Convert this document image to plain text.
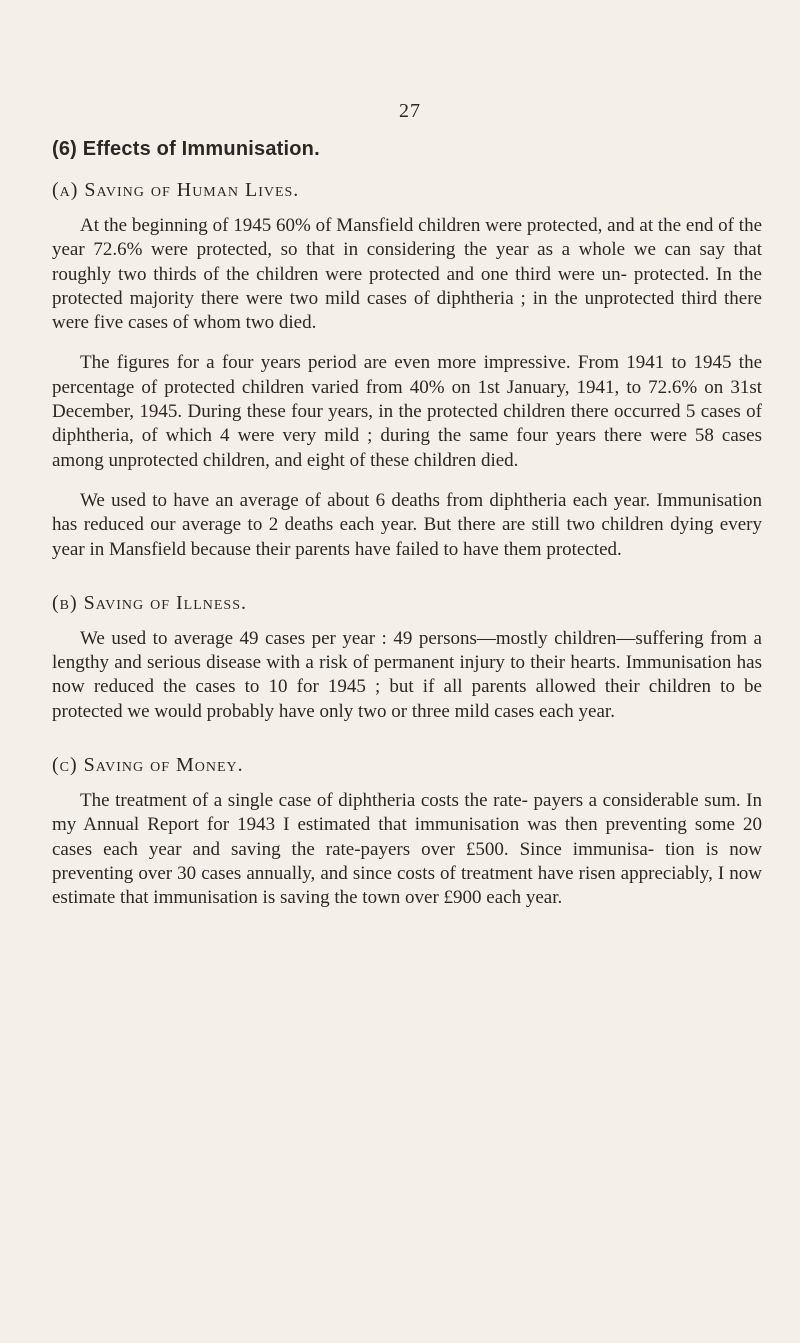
27
(6) Effects of Immunisation.
(a) Saving of Human Lives.

At the beginning of 1945 60% of Mansfield children were protected, and at the end of the year 72.6% were protected, so that in considering the year as a whole we can say that roughly two thirds of the children were protected and one third were un- protected. In the protected majority there were two mild cases of diphtheria ; in the unprotected third there were five cases of whom two died.

The figures for a four years period are even more impressive. From 1941 to 1945 the percentage of protected children varied from 40% on 1st January, 1941, to 72.6% on 31st December, 1945. During these four years, in the protected children there occurred 5 cases of diphtheria, of which 4 were very mild ; during the same four years there were 58 cases among unprotected children, and eight of these children died.

We used to have an average of about 6 deaths from diphtheria each year. Immunisation has reduced our average to 2 deaths each year. But there are still two children dying every year in Mansfield because their parents have failed to have them protected.

(b) Saving of Illness.

We used to average 49 cases per year : 49 persons—mostly children—suffering from a lengthy and serious disease with a risk of permanent injury to their hearts. Immunisation has now reduced the cases to 10 for 1945 ; but if all parents allowed their children to be protected we would probably have only two or three mild cases each year.

(c) Saving of Money.

The treatment of a single case of diphtheria costs the rate- payers a considerable sum. In my Annual Report for 1943 I estimated that immunisation was then preventing some 20 cases each year and saving the rate-payers over £500. Since immunisa- tion is now preventing over 30 cases annually, and since costs of treatment have risen appreciably, I now estimate that immunisation is saving the town over £900 each year.
